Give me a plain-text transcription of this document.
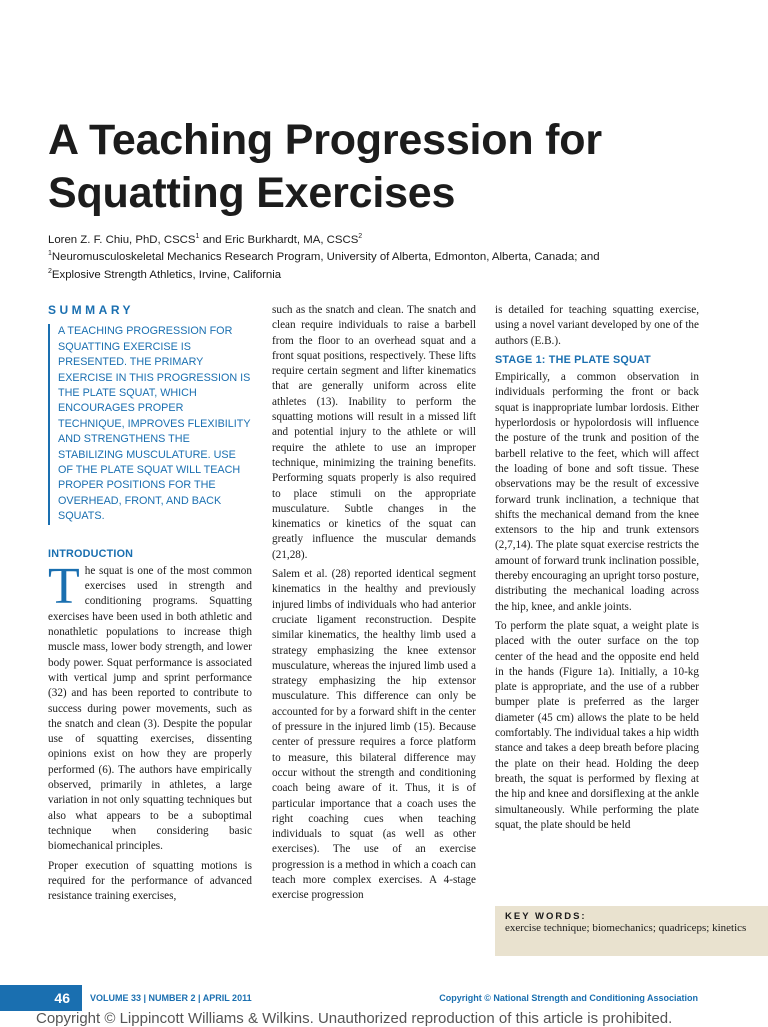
A Teaching Progression for Squatting Exercises
Loren Z. F. Chiu, PhD, CSCS$^1$ and Eric Burkhardt, MA, CSCS$^2$
$^1$Neuromusculoskeletal Mechanics Research Program, University of Alberta, Edmonton, Alberta, Canada; and
$^2$Explosive Strength Athletics, Irvine, California
SUMMARY
A TEACHING PROGRESSION FOR SQUATTING EXERCISE IS PRESENTED. THE PRIMARY EXERCISE IN THIS PROGRESSION IS THE PLATE SQUAT, WHICH ENCOURAGES PROPER TECHNIQUE, IMPROVES FLEXIBILITY AND STRENGTHENS THE STABILIZING MUSCULATURE. USE OF THE PLATE SQUAT WILL TEACH PROPER POSITIONS FOR THE OVERHEAD, FRONT, AND BACK SQUATS.
INTRODUCTION

The squat is one of the most common exercises used in strength and conditioning programs. Squatting exercises have been used in both athletic and nonathletic populations to increase thigh muscle mass, lower body strength, and lower body power. Squat performance is associated with vertical jump and sprint performance (32) and has been reported to contribute to success during power movements, such as the snatch and clean (3). Despite the popular use of squatting exercises, dissenting opinions exist on how they are properly performed (6). The authors have empirically observed, primarily in athletes, a large variation in not only squatting techniques but also what appears to be a suboptimal technique when considering basic biomechanical principles.

Proper execution of squatting motions is required for the performance of advanced resistance training exercises,

such as the snatch and clean. The snatch and clean require individuals to raise a barbell from the floor to an overhead squat and a front squat positions, respectively. These lifts require certain segment and lifter kinematics that are generally uniform across elite athletes (13). Inability to perform the squatting motions will result in a missed lift and potential injury to the athlete or will require the athlete to use an improper technique, minimizing the training benefits. Performing squats properly is also required to place stimuli on the appropriate musculature. Subtle changes in the kinematics or kinetics of the squat can greatly influence the muscular demands (21,28).

Salem et al. (28) reported identical segment kinematics in the healthy and previously injured limbs of individuals who had anterior cruciate ligament reconstruction. Despite similar kinematics, the healthy limb used a strategy emphasizing the knee extensor musculature, whereas the injured limb used a strategy emphasizing the hip extensor musculature. This difference can only be accounted for by a forward shift in the center of pressure in the injured limb (15). Because center of pressure requires a force platform to measure, this bilateral difference may occur without the strength and conditioning coach being aware of it. Thus, it is of particular importance that a coach uses the right coaching cues when teaching individuals to squat (as well as other exercises). The use of an exercise progression is a method in which a coach can teach more complex exercises. A 4-stage exercise progression

is detailed for teaching squatting exercise, using a novel variant developed by one of the authors (E.B.).

STAGE 1: THE PLATE SQUAT

Empirically, a common observation in individuals performing the front or back squat is inappropriate lumbar lordosis. Either hyperlordosis or hypolordosis will influence the posture of the trunk and position of the barbell relative to the feet, which will affect the loading of bone and soft tissue. These observations may be the result of excessive forward trunk inclination, a technique that shifts the mechanical demand from the knee extensors to the hip and trunk extensors (2,7,14). The plate squat exercise restricts the amount of forward trunk inclination possible, thereby encouraging an upright torso posture, distributing the mechanical loading across the hip, knee, and ankle joints.

To perform the plate squat, a weight plate is placed with the outer surface on the top center of the head and the opposite end held in the hands (Figure 1a). Initially, a 10-kg plate is appropriate, and the use of a rubber bumper plate is preferred as the larger diameter (45 cm) allows the plate to be held comfortably. The individual takes a hip width stance and takes a deep breath before placing the plate on their head. Holding the deep breath, the squat is performed by flexing at the hip and knee and dorsiflexing at the ankle simultaneously. While performing the plate squat, the plate should be held

KEY WORDS:
exercise technique; biomechanics; quadriceps; kinetics
46	VOLUME 33 | NUMBER 2 | APRIL 2011	Copyright © National Strength and Conditioning Association
Copyright © Lippincott Williams & Wilkins. Unauthorized reproduction of this article is prohibited.
